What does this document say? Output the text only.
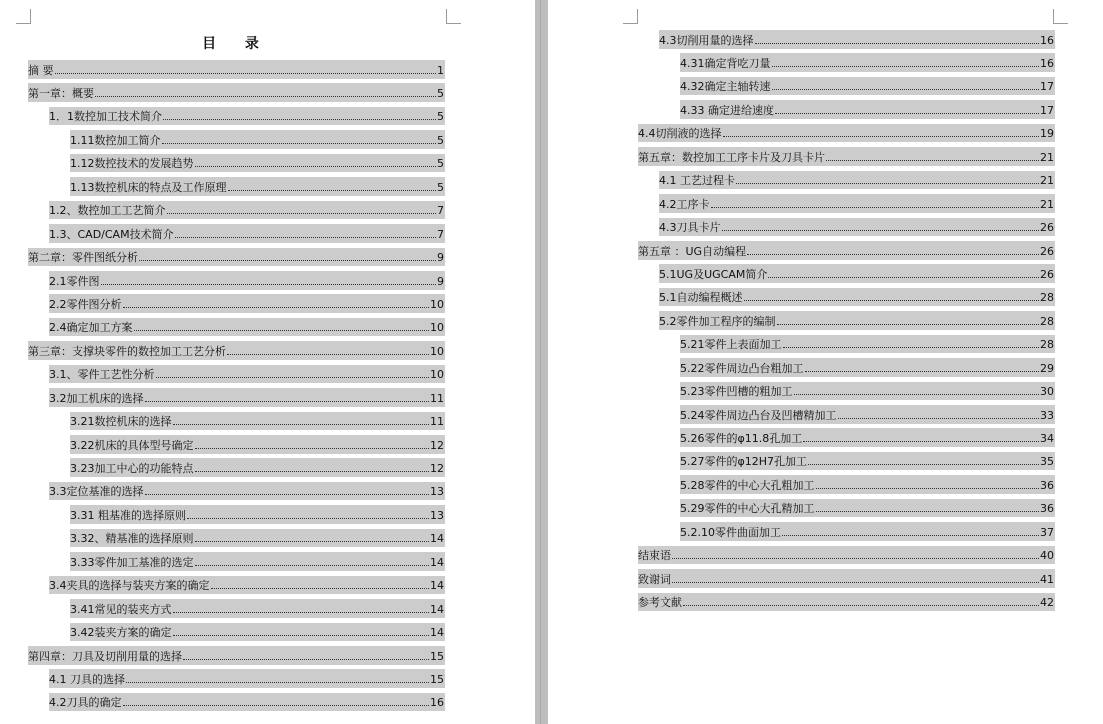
目 录
摘 要	1
第一章：概要	5
1．1数控加工技术简介	5
1.11数控加工简介	5
1.12数控技术的发展趋势	5
1.13数控机床的特点及工作原理	5
1.2、数控加工工艺简介	7
1.3、CAD/CAM技术简介	7
第二章：零件图纸分析	9
2.1零件图	9
2.2零件图分析	10
2.4确定加工方案	10
第三章：支撑块零件的数控加工工艺分析	10
3.1、零件工艺性分析	10
3.2加工机床的选择	11
3.21数控机床的选择	11
3.22机床的具体型号确定	12
3.23加工中心的功能特点	12
3.3定位基准的选择	13
3.31 粗基准的选择原则	13
3.32、精基准的选择原则	14
3.33零件加工基准的选定	14
3.4夹具的选择与装夹方案的确定	14
3.41常见的装夹方式	14
3.42装夹方案的确定	14
第四章：刀具及切削用量的选择	15
4.1 刀具的选择	15
4.2刀具的确定	16
4.3切削用量的选择	16
4.31确定背吃刀量	16
4.32确定主轴转速	17
4.33 确定进给速度	17
4.4切削液的选择	19
第五章：数控加工工序卡片及刀具卡片	21
4.1 工艺过程卡	21
4.2工序卡	21
4.3刀具卡片	26
第五章 ：UG自动编程	26
5.1UG及UGCAM简介	26
5.1自动编程概述	28
5.2零件加工程序的编制	28
5.21零件上表面加工	28
5.22零件周边凸台粗加工	29
5.23零件凹槽的粗加工	30
5.24零件周边凸台及凹槽精加工	33
5.26零件的φ11.8孔加工	34
5.27零件的φ12H7孔加工	35
5.28零件的中心大孔粗加工	36
5.29零件的中心大孔精加工	36
5.2.10零件曲面加工	37
结束语	40
致谢词	41
参考文献	42
